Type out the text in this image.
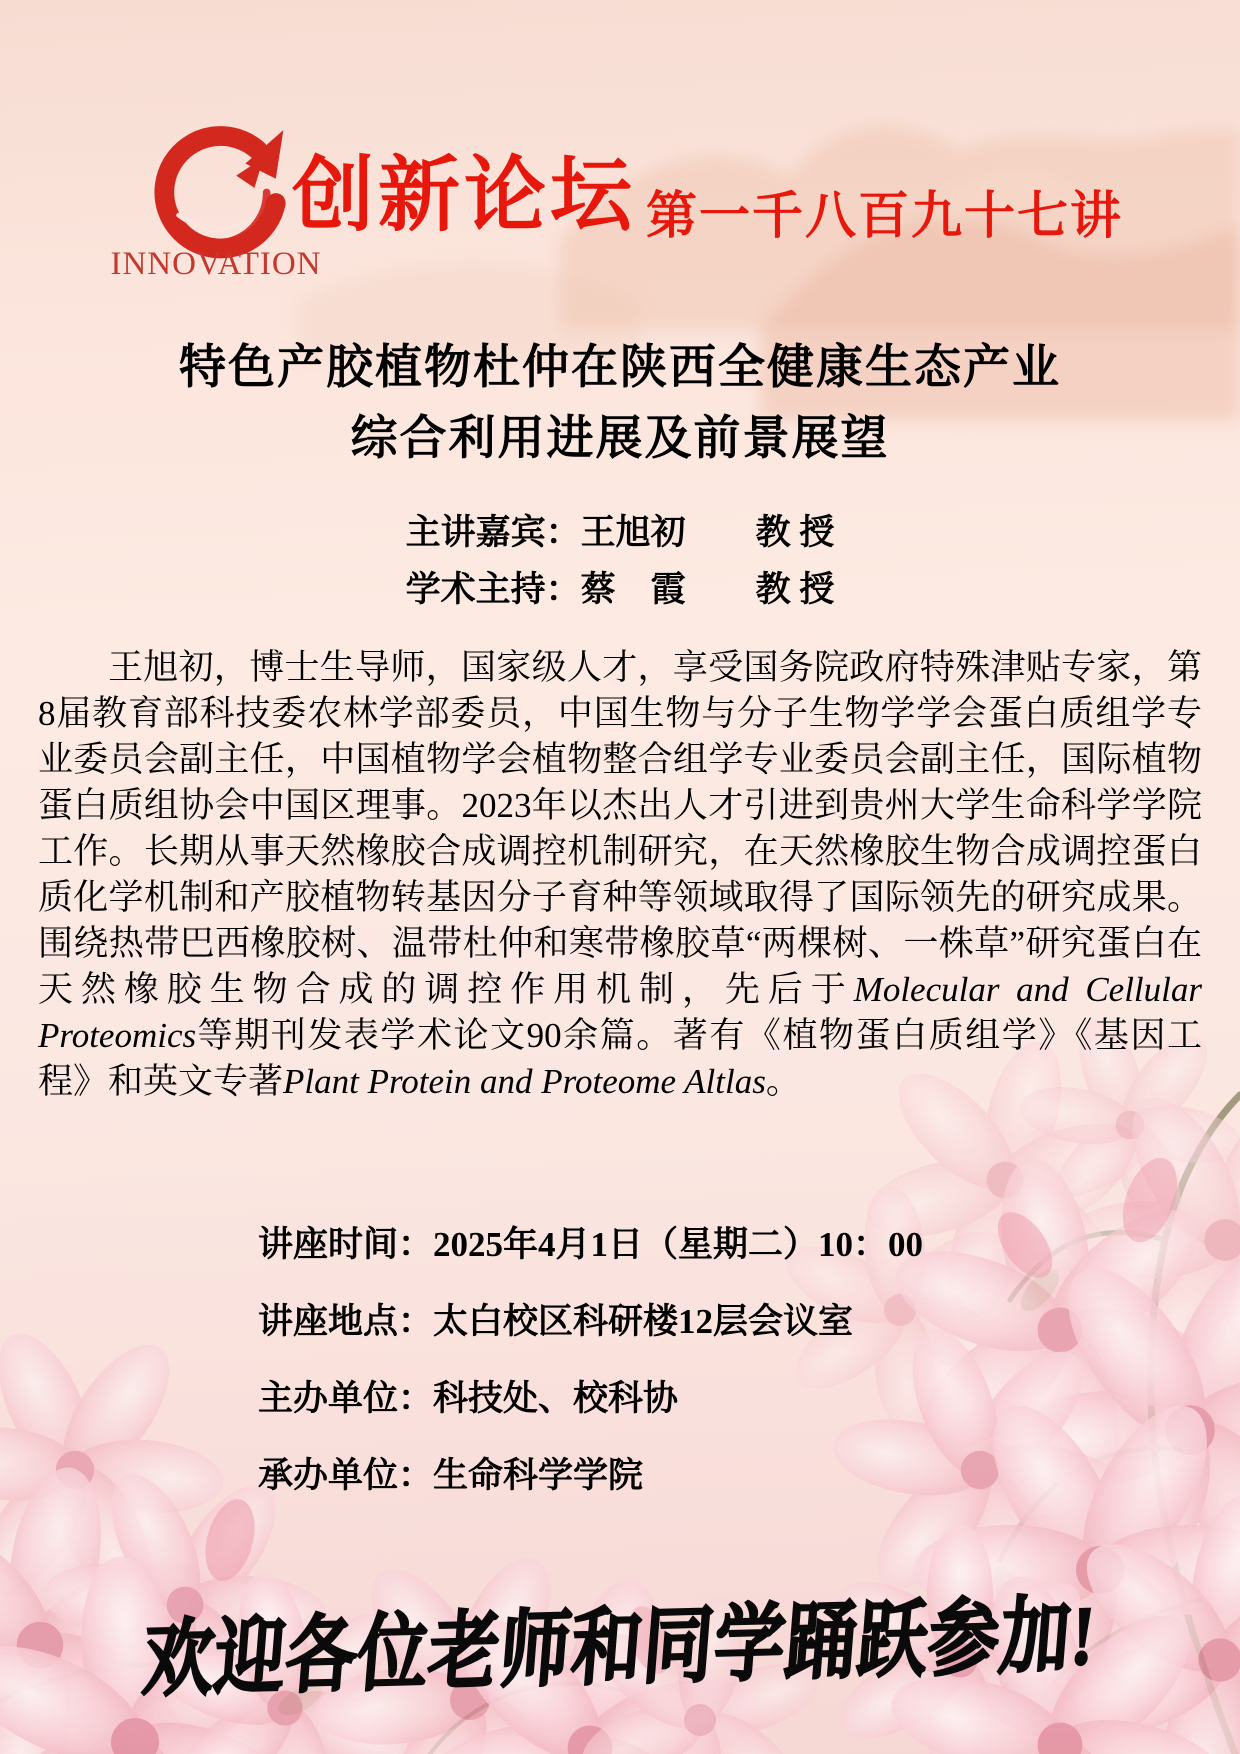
INNOVATION
创新论坛 第一千八百九十七讲
特色产胶植物杜仲在陕西全健康生态产业
综合利用进展及前景展望
主讲嘉宾：王旭初　　教 授
学术主持：蔡　霞　　教 授

王旭初，博士生导师，国家级人才，享受国务院政府特殊津贴专家，第8届教育部科技委农林学部委员，中国生物与分子生物学学会蛋白质组学专业委员会副主任，中国植物学会植物整合组学专业委员会副主任，国际植物蛋白质组协会中国区理事。2023年以杰出人才引进到贵州大学生命科学学院工作。长期从事天然橡胶合成调控机制研究，在天然橡胶生物合成调控蛋白质化学机制和产胶植物转基因分子育种等领域取得了国际领先的研究成果。围绕热带巴西橡胶树、温带杜仲和寒带橡胶草“两棵树、一株草”研究蛋白在天然橡胶生物合成的调控作用机制，先后于Molecular and Cellular Proteomics等期刊发表学术论文90余篇。著有《植物蛋白质组学》《基因工程》和英文专著Plant Protein and Proteome Altlas。

讲座时间：2025年4月1日（星期二）10：00

讲座地点：太白校区科研楼12层会议室

主办单位：科技处、校科协

承办单位：生命科学学院

欢迎各位老师和同学踊跃参加!
